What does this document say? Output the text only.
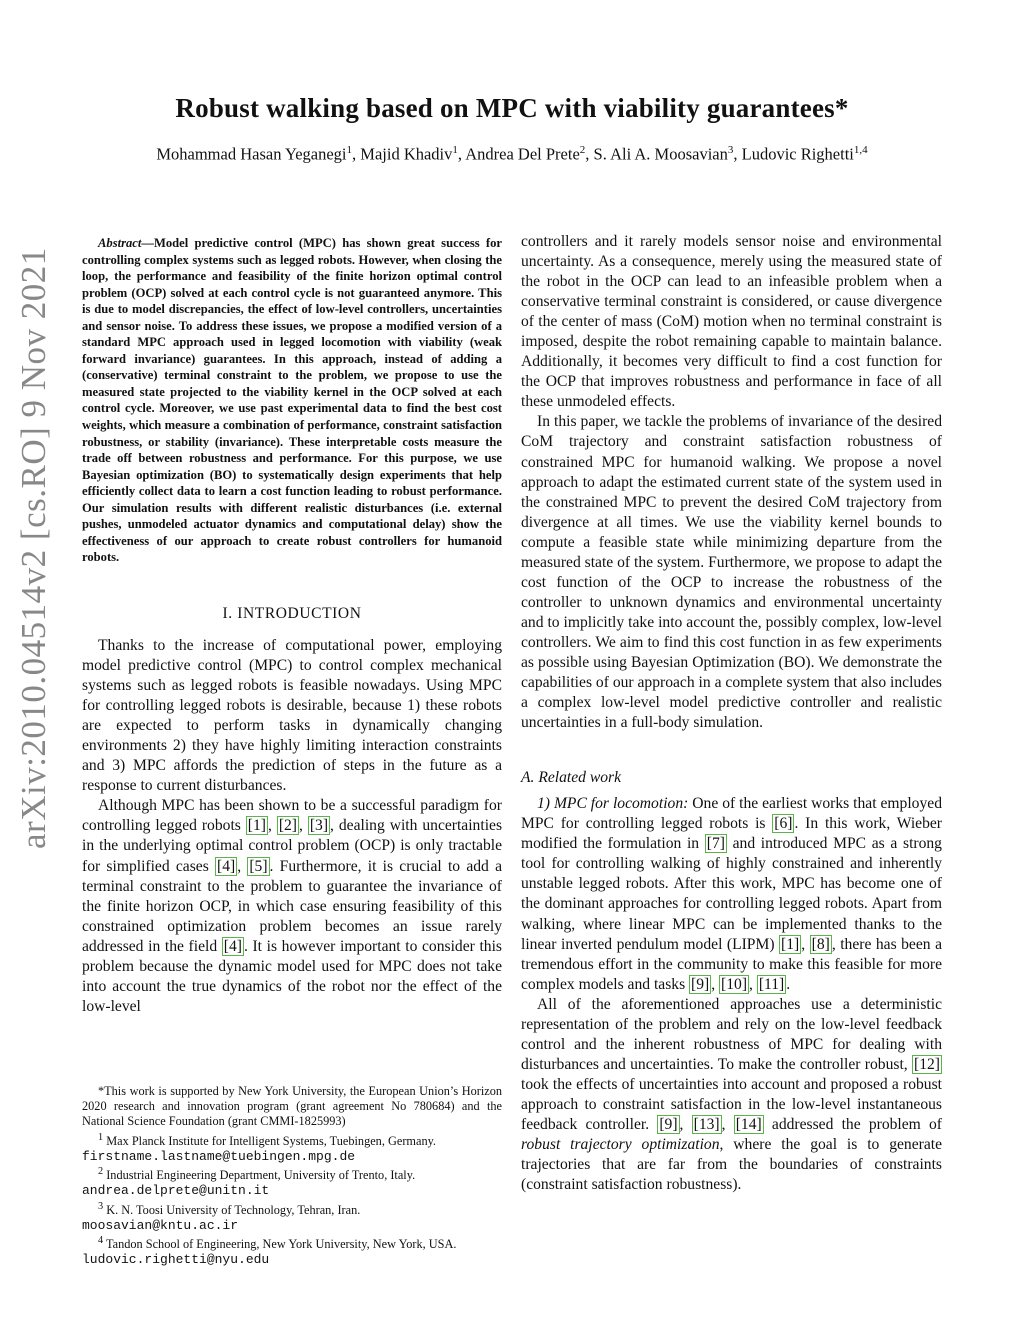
arXiv:2010.04514v2 [cs.RO] 9 Nov 2021
Robust walking based on MPC with viability guarantees*
Mohammad Hasan Yeganegi$^1$, Majid Khadiv$^1$, Andrea Del Prete$^2$, S. Ali A. Moosavian$^3$, Ludovic Righetti$^{1,4}$

Abstract—Model predictive control (MPC) has shown great success for controlling complex systems such as legged robots. However, when closing the loop, the performance and feasibility of the finite horizon optimal control problem (OCP) solved at each control cycle is not guaranteed anymore. This is due to model discrepancies, the effect of low-level controllers, uncertainties and sensor noise. To address these issues, we propose a modified version of a standard MPC approach used in legged locomotion with viability (weak forward invariance) guarantees. In this approach, instead of adding a (conservative) terminal constraint to the problem, we propose to use the measured state projected to the viability kernel in the OCP solved at each control cycle. Moreover, we use past experimental data to find the best cost weights, which measure a combination of performance, constraint satisfaction robustness, or stability (invariance). These interpretable costs measure the trade off between robustness and performance. For this purpose, we use Bayesian optimization (BO) to systematically design experiments that help efficiently collect data to learn a cost function leading to robust performance. Our simulation results with different realistic disturbances (i.e. external pushes, unmodeled actuator dynamics and computational delay) show the effectiveness of our approach to create robust controllers for humanoid robots.

I. INTRODUCTION

Thanks to the increase of computational power, employing model predictive control (MPC) to control complex mechanical systems such as legged robots is feasible nowadays. Using MPC for controlling legged robots is desirable, because 1) these robots are expected to perform tasks in dynamically changing environments 2) they have highly limiting interaction constraints and 3) MPC affords the prediction of steps in the future as a response to current disturbances.

Although MPC has been shown to be a successful paradigm for controlling legged robots [1] , [2] , [3] , dealing with uncertainties in the underlying optimal control problem (OCP) is only tractable for simplified cases [4] , [5] . Furthermore, it is crucial to add a terminal constraint to the problem to guarantee the invariance of the finite horizon OCP, in which case ensuring feasibility of this constrained optimization problem becomes an issue rarely addressed in the field [4] . It is however important to consider this problem because the dynamic model used for MPC does not take into account the true dynamics of the robot nor the effect of the low-level

*This work is supported by New York University, the European Union’s Horizon 2020 research and innovation program (grant agreement No 780684) and the National Science Foundation (grant CMMI-1825993)

$^1$ Max Planck Institute for Intelligent Systems, Tuebingen, Germany.
firstname.lastname@tuebingen.mpg.de

$^2$ Industrial Engineering Department, University of Trento, Italy.
andrea.delprete@unitn.it

$^3$ K. N. Toosi University of Technology, Tehran, Iran.
moosavian@kntu.ac.ir

$^4$ Tandon School of Engineering, New York University, New York, USA.
ludovic.righetti@nyu.edu

controllers and it rarely models sensor noise and environmental uncertainty. As a consequence, merely using the measured state of the robot in the OCP can lead to an infeasible problem when a conservative terminal constraint is considered, or cause divergence of the center of mass (CoM) motion when no terminal constraint is imposed, despite the robot remaining capable to maintain balance. Additionally, it becomes very difficult to find a cost function for the OCP that improves robustness and performance in face of all these unmodeled effects.

In this paper, we tackle the problems of invariance of the desired CoM trajectory and constraint satisfaction robustness of constrained MPC for humanoid walking. We propose a novel approach to adapt the estimated current state of the system used in the constrained MPC to prevent the desired CoM trajectory from divergence at all times. We use the viability kernel bounds to compute a feasible state while minimizing departure from the measured state of the system. Furthermore, we propose to adapt the cost function of the OCP to increase the robustness of the controller to unknown dynamics and environmental uncertainty and to implicitly take into account the, possibly complex, low-level controllers. We aim to find this cost function in as few experiments as possible using Bayesian Optimization (BO). We demonstrate the capabilities of our approach in a complete system that also includes a complex low-level model predictive controller and realistic uncertainties in a full-body simulation.

A. Related work

1) MPC for locomotion: One of the earliest works that employed MPC for controlling legged robots is [6] . In this work, Wieber modified the formulation in [7] and introduced MPC as a strong tool for controlling walking of highly constrained and inherently unstable legged robots. After this work, MPC has become one of the dominant approaches for controlling legged robots. Apart from walking, where linear MPC can be implemented thanks to the linear inverted pendulum model (LIPM) [1] , [8] , there has been a tremendous effort in the community to make this feasible for more complex models and tasks [9] , [10] , [11] .

All of the aforementioned approaches use a deterministic representation of the problem and rely on the low-level feedback control and the inherent robustness of MPC for dealing with disturbances and uncertainties. To make the controller robust, [12] took the effects of uncertainties into account and proposed a robust approach to constraint satisfaction in the low-level instantaneous feedback controller. [9] , [13] , [14] addressed the problem of robust trajectory optimization, where the goal is to generate trajectories that are far from the boundaries of constraints (constraint satisfaction robustness).
